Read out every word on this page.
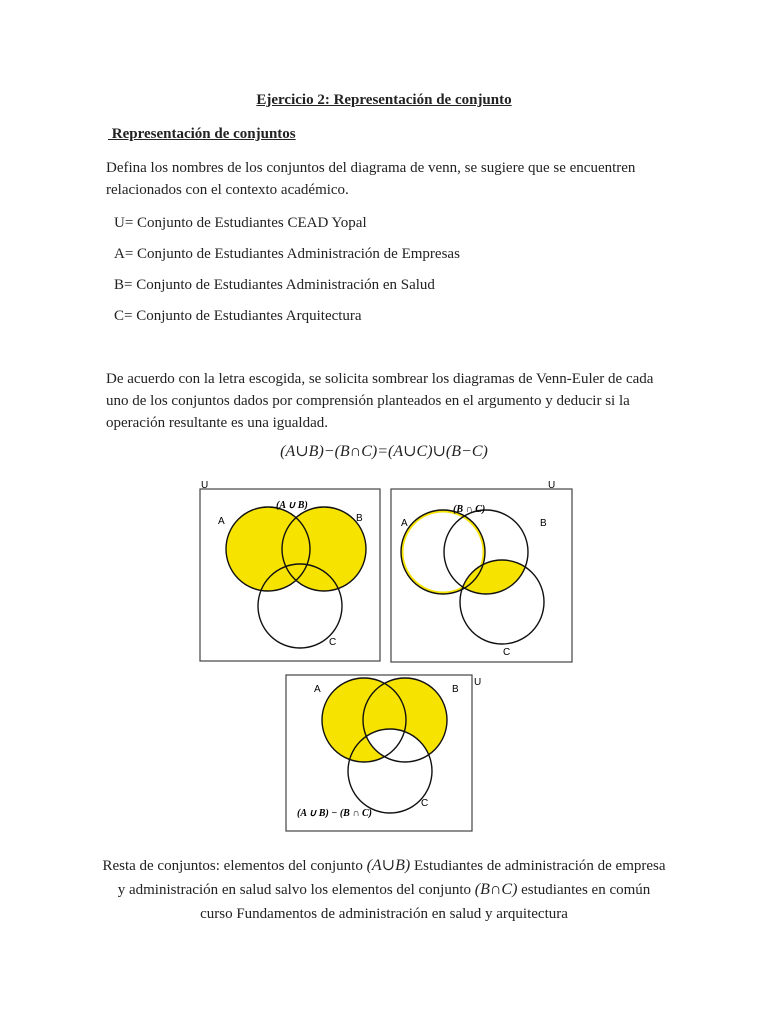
Ejercicio 2: Representación de conjunto
Representación de conjuntos
Defina los nombres de los conjuntos del diagrama de venn, se sugiere que se encuentren relacionados con el contexto académico.
U= Conjunto de Estudiantes CEAD Yopal
A= Conjunto de Estudiantes Administración de Empresas
B= Conjunto de Estudiantes Administración en Salud
C= Conjunto de Estudiantes Arquitectura
De acuerdo con la letra escogida, se solicita sombrear los diagramas de Venn-Euler de cada uno de los conjuntos dados por comprensión planteados en el argumento y deducir si la operación resultante es una igualdad.
(A∪B)−(B∩C)=(A∪C)∪(B−C)
U
A	B
C
(A ∪ B)
U
A	B
C
(B ∩ C)
U
A	B
C
(A ∪ B) − (B ∩ C)
Resta de conjuntos: elementos del conjunto (A∪B) Estudiantes de administración de empresa y administración en salud salvo los elementos del conjunto (B∩C) estudiantes en común curso Fundamentos de administración en salud y arquitectura
